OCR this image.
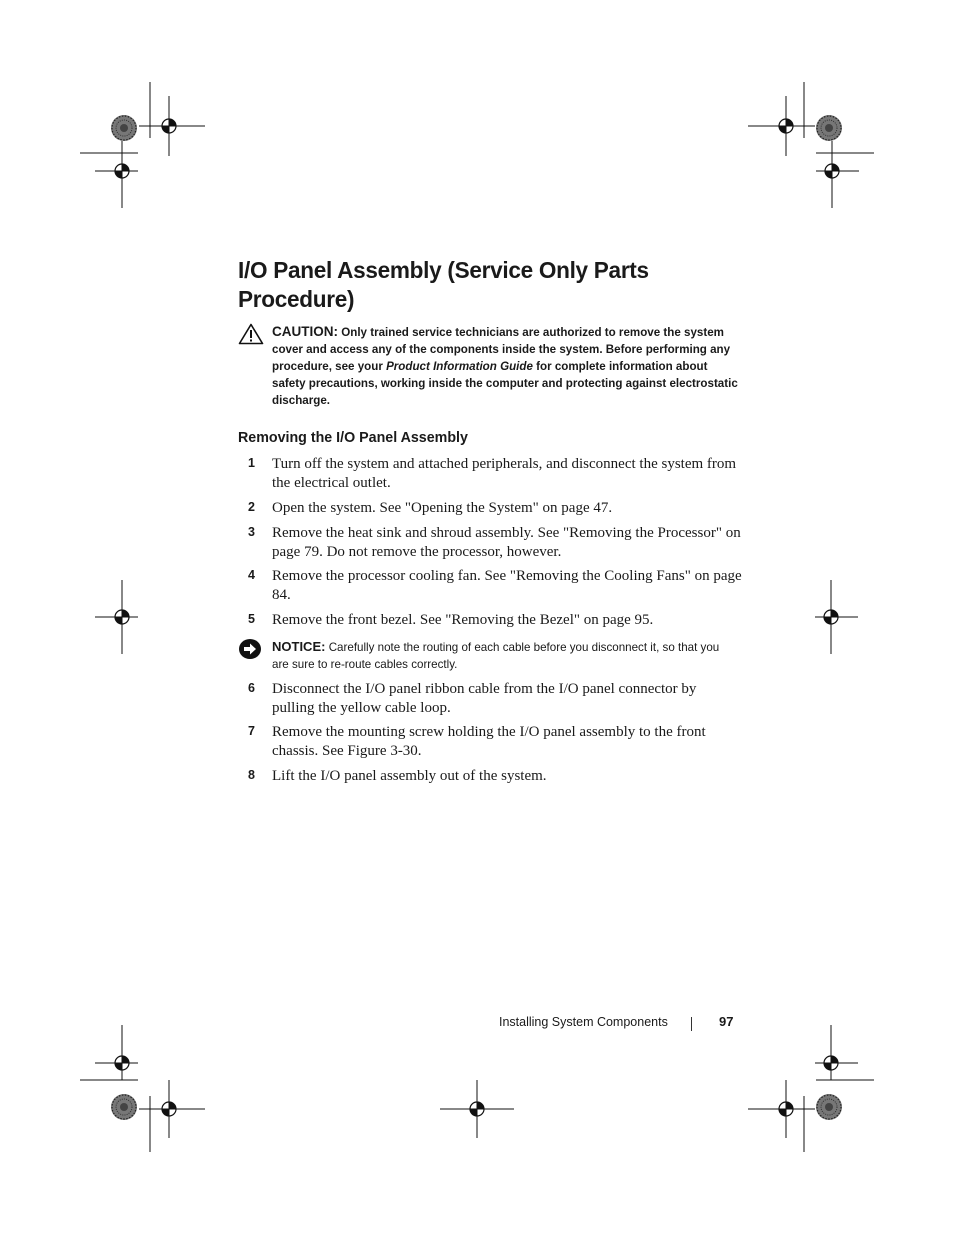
I/O Panel Assembly (Service Only Parts Procedure)
CAUTION: Only trained service technicians are authorized to remove the system cover and access any of the components inside the system. Before performing any procedure, see your Product Information Guide for complete information about safety precautions, working inside the computer and protecting against electrostatic discharge.
Removing the I/O Panel Assembly
1 Turn off the system and attached peripherals, and disconnect the system from the electrical outlet.
2 Open the system. See "Opening the System" on page 47.
3 Remove the heat sink and shroud assembly. See "Removing the Processor" on page 79. Do not remove the processor, however.
4 Remove the processor cooling fan. See "Removing the Cooling Fans" on page 84.
5 Remove the front bezel. See "Removing the Bezel" on page 95.
NOTICE: Carefully note the routing of each cable before you disconnect it, so that you are sure to re-route cables correctly.
6 Disconnect the I/O panel ribbon cable from the I/O panel connector by pulling the yellow cable loop.
7 Remove the mounting screw holding the I/O panel assembly to the front chassis. See Figure 3-30.
8 Lift the I/O panel assembly out of the system.
Installing System Components	97
